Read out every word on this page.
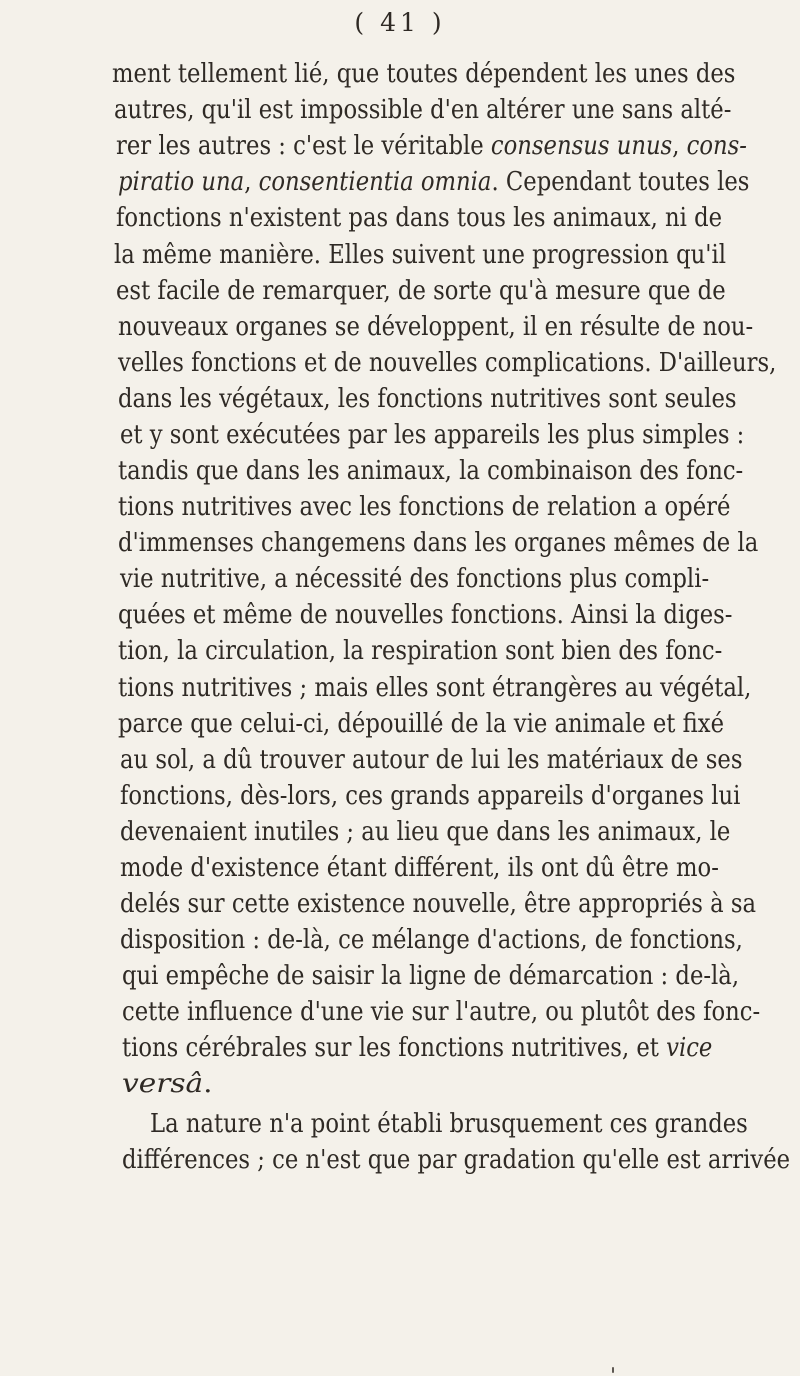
( 41 )
ment tellement lié, que toutes dépendent les unes des
autres, qu'il est impossible d'en altérer une sans alté-
rer les autres : c'est le véritable consensus unus, cons-
piratio una, consentientia omnia. Cependant toutes les
fonctions n'existent pas dans tous les animaux, ni de
la même manière. Elles suivent une progression qu'il
est facile de remarquer, de sorte qu'à mesure que de
nouveaux organes se développent, il en résulte de nou-
velles fonctions et de nouvelles complications. D'ailleurs,
dans les végétaux, les fonctions nutritives sont seules
et y sont exécutées par les appareils les plus simples :
tandis que dans les animaux, la combinaison des fonc-
tions nutritives avec les fonctions de relation a opéré
d'immenses changemens dans les organes mêmes de la
vie nutritive, a nécessité des fonctions plus compli-
quées et même de nouvelles fonctions. Ainsi la diges-
tion, la circulation, la respiration sont bien des fonc-
tions nutritives ; mais elles sont étrangères au végétal,
parce que celui-ci, dépouillé de la vie animale et fixé
au sol, a dû trouver autour de lui les matériaux de ses
fonctions, dès-lors, ces grands appareils d'organes lui
devenaient inutiles ; au lieu que dans les animaux, le
mode d'existence étant différent, ils ont dû être mo-
delés sur cette existence nouvelle, être appropriés à sa
disposition : de-là, ce mélange d'actions, de fonctions,
qui empêche de saisir la ligne de démarcation : de-là,
cette influence d'une vie sur l'autre, ou plutôt des fonc-
tions cérébrales sur les fonctions nutritives, et vice
versâ.
La nature n'a point établi brusquement ces grandes
différences ; ce n'est que par gradation qu'elle est arrivée
